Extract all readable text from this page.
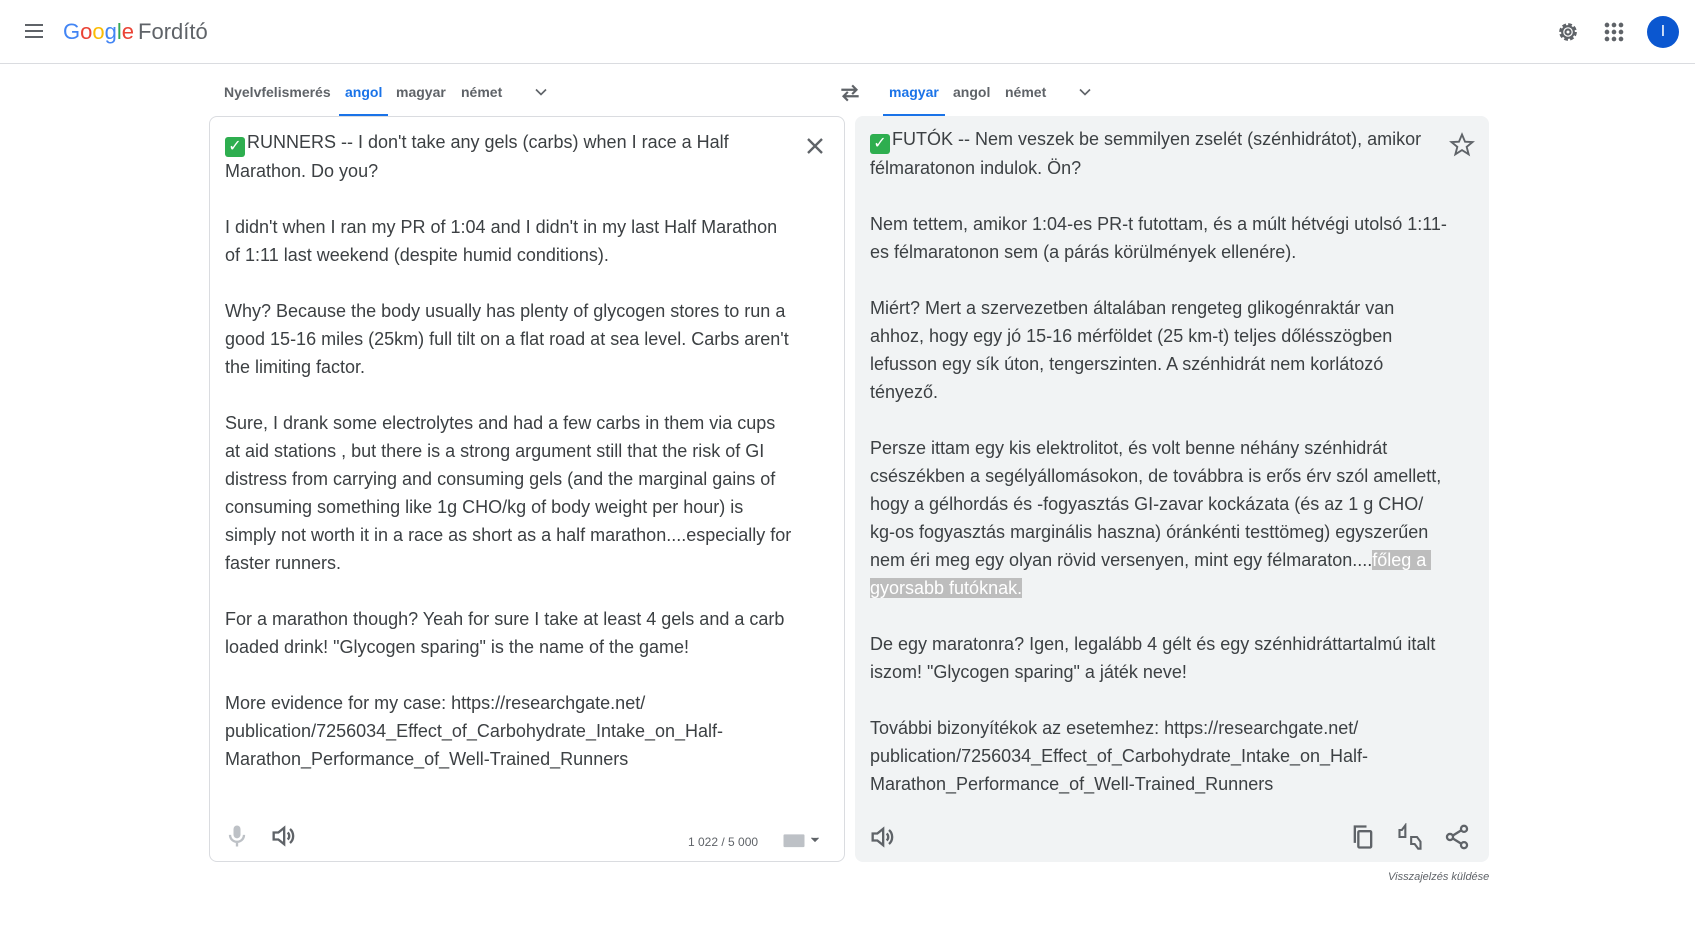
Google Fordító	I
Nyelvfelismerés angol magyar német	magyar angol német

✓ RUNNERS -- I don't take any gels (carbs) when I race a Half Marathon. Do you?

I didn't when I ran my PR of 1:04 and I didn't in my last Half Marathon of 1:11 last weekend (despite humid conditions).

Why? Because the body usually has plenty of glycogen stores to run a good 15-16 miles (25km) full tilt on a flat road at sea level. Carbs aren't the limiting factor.

Sure, I drank some electrolytes and had a few carbs in them via cups at aid stations , but there is a strong argument still that the risk of GI distress from carrying and consuming gels (and the marginal gains of consuming something like 1g CHO/kg of body weight per hour) is simply not worth it in a race as short as a half marathon....especially for faster runners.

For a marathon though? Yeah for sure I take at least 4 gels and a carb loaded drink! "Glycogen sparing" is the name of the game!

More evidence for my case: https://researchgate.net/ publication/7256034_Effect_of_Carbohydrate_Intake_on_Half-Marathon_Performance_of_Well-Trained_Runners

1 022 / 5 000

✓ FUTÓK -- Nem veszek be semmilyen zselét (szénhidrátot), amikor félmaratonon indulok. Ön?

Nem tettem, amikor 1:04-es PR-t futottam, és a múlt hétvégi utolsó 1:11-es félmaratonon sem (a párás körülmények ellenére).

Miért? Mert a szervezetben általában rengeteg glikogénraktár van ahhoz, hogy egy jó 15-16 mérföldet (25 km-t) teljes dőlésszögben lefusson egy sík úton, tengerszinten. A szénhidrát nem korlátozó tényező.

Persze ittam egy kis elektrolitot, és volt benne néhány szénhidrát csészékben a segélyállomásokon, de továbbra is erős érv szól amellett, hogy a gélhordás és -fogyasztás GI-zavar kockázata (és az 1 g CHO/ kg-os fogyasztás marginális haszna) óránkénti testtömeg) egyszerűen nem éri meg egy olyan rövid versenyen, mint egy félmaraton....főleg a gyorsabb futóknak.

De egy maratonra? Igen, legalább 4 gélt és egy szénhidráttartalmú italt iszom! "Glycogen sparing" a játék neve!

További bizonyítékok az esetemhez: https://researchgate.net/ publication/7256034_Effect_of_Carbohydrate_Intake_on_Half-Marathon_Performance_of_Well-Trained_Runners

Visszajelzés küldése
